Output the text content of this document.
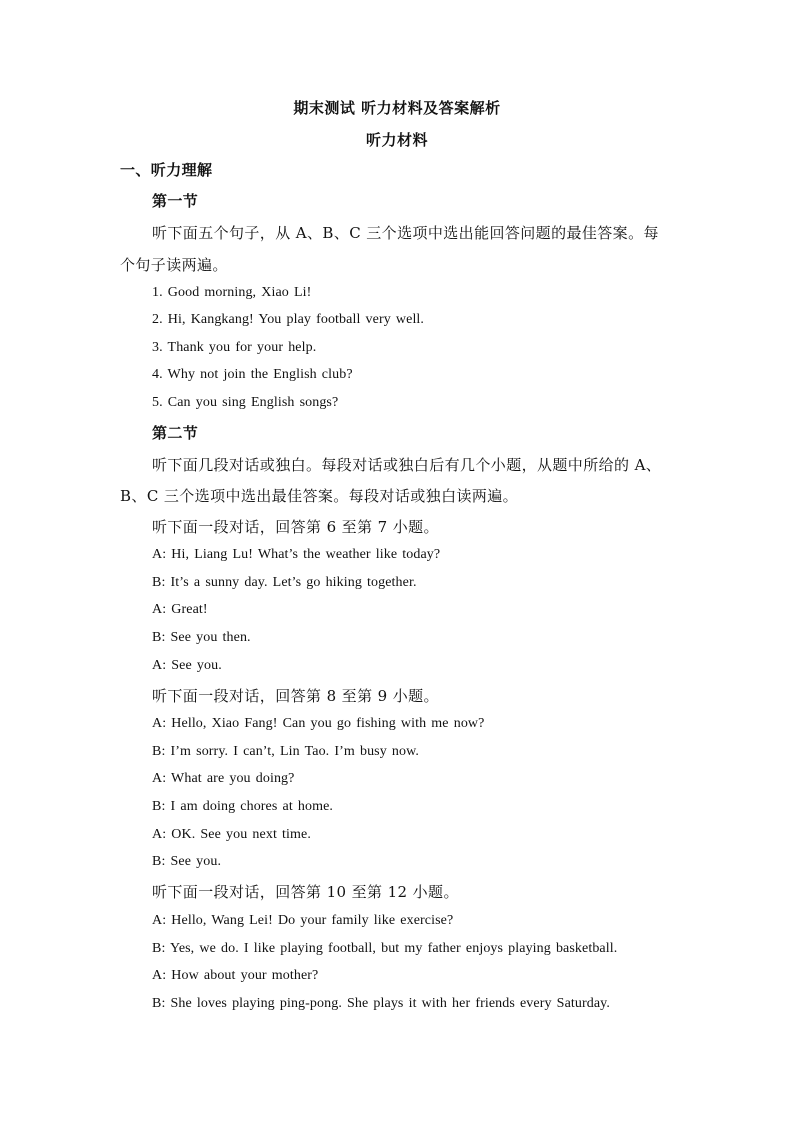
期末测试 听力材料及答案解析
听力材料
一、听力理解
第一节
听下面五个句子，从 A、B、C 三个选项中选出能回答问题的最佳答案。每
个句子读两遍。
1. Good morning, Xiao Li!
2. Hi, Kangkang! You play football very well.
3. Thank you for your help.
4. Why not join the English club?
5. Can you sing English songs?
第二节
听下面几段对话或独白。每段对话或独白后有几个小题，从题中所给的 A、
B、C 三个选项中选出最佳答案。每段对话或独白读两遍。
听下面一段对话，回答第 6 至第 7 小题。
A: Hi, Liang Lu! What’s the weather like today?
B: It’s a sunny day. Let’s go hiking together.
A: Great!
B: See you then.
A: See you.
听下面一段对话，回答第 8 至第 9 小题。
A: Hello, Xiao Fang! Can you go fishing with me now?
B: I’m sorry. I can’t, Lin Tao. I’m busy now.
A: What are you doing?
B: I am doing chores at home.
A: OK. See you next time.
B: See you.
听下面一段对话，回答第 10 至第 12 小题。
A: Hello, Wang Lei! Do your family like exercise?
B: Yes, we do. I like playing football, but my father enjoys playing basketball.
A: How about your mother?
B: She loves playing ping-pong. She plays it with her friends every Saturday.
